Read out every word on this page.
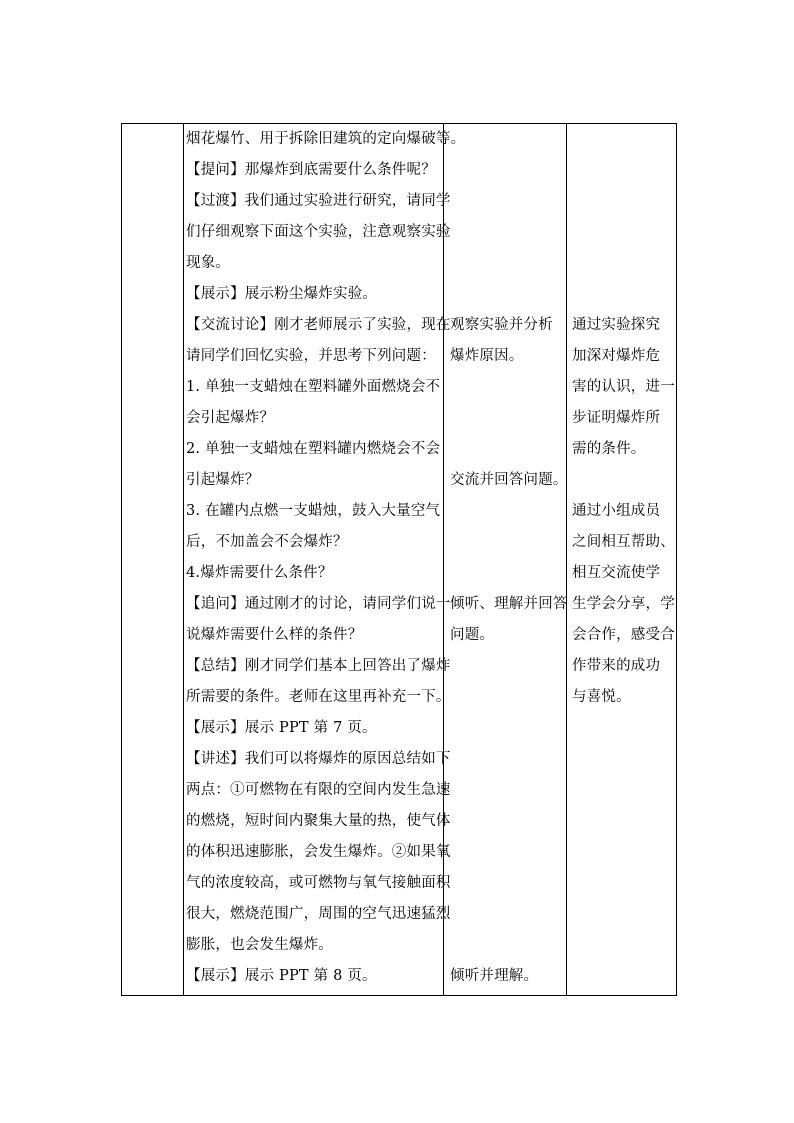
烟花爆竹、用于拆除旧建筑的定向爆破等。
【提问】那爆炸到底需要什么条件呢？
【过渡】我们通过实验进行研究，请同学
们仔细观察下面这个实验，注意观察实验
现象。
【展示】展示粉尘爆炸实验。
【交流讨论】刚才老师展示了实验，现在
请同学们回忆实验，并思考下列问题：
1. 单独一支蜡烛在塑料罐外面燃烧会不
会引起爆炸？
2. 单独一支蜡烛在塑料罐内燃烧会不会
引起爆炸？
3. 在罐内点燃一支蜡烛，鼓入大量空气
后，不加盖会不会爆炸？
4.爆炸需要什么条件？
【追问】通过刚才的讨论，请同学们说一
说爆炸需要什么样的条件？
【总结】刚才同学们基本上回答出了爆炸
所需要的条件。老师在这里再补充一下。
【展示】展示 PPT 第 7 页。
【讲述】我们可以将爆炸的原因总结如下
两点：①可燃物在有限的空间内发生急速
的燃烧，短时间内聚集大量的热，使气体
的体积迅速膨胀，会发生爆炸。②如果氧
气的浓度较高，或可燃物与氧气接触面积
很大，燃烧范围广，周围的空气迅速猛烈
膨胀，也会发生爆炸。
【展示】展示 PPT 第 8 页。
观察实验并分析
爆炸原因。
交流并回答问题。
倾听、理解并回答
问题。
倾听并理解。
通过实验探究
加深对爆炸危
害的认识，进一
步证明爆炸所
需的条件。
通过小组成员
之间相互帮助、
相互交流使学
生学会分享，学
会合作，感受合
作带来的成功
与喜悦。
